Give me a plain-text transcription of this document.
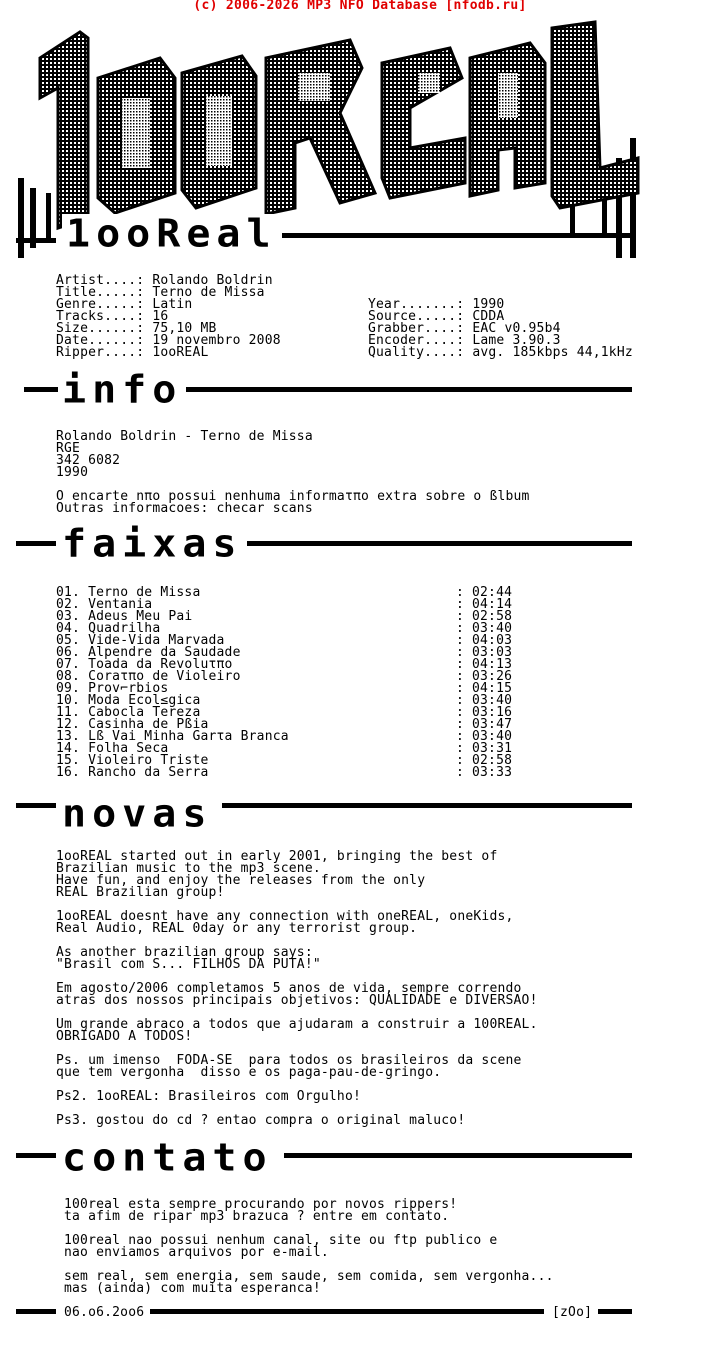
(c) 2006-2026 MP3 NFO Database [nfodb.ru]
1ooReal
Artist....: Rolando Boldrin
Title.....: Terno de Missa
Genre.....: Latin
Tracks....: 16
Size......: 75,10 MB
Date......: 19 novembro 2008
Ripper....: 1ooREAL
Year.......: 1990
Source.....: CDDA
Grabber....: EAC v0.95b4
Encoder....: Lame 3.90.3
Quality....: avg. 185kbps 44,1kHz
info
Rolando Boldrin - Terno de Missa
RGE
342 6082
1990
O encarte nπo possui nenhuma informaτπo extra sobre o ßlbum
Outras informacoes: checar scans
faixas
01. Terno de Missa	: 02:44
02. Ventania	: 04:14
03. Adeus Meu Pai	: 02:58
04. Quadrilha	: 03:40
05. Vide-Vida Marvada	: 04:03
06. Alpendre da Saudade	: 03:03
07. Toada da Revoluτπo	: 04:13
08. Coraτπo de Violeiro	: 03:26
09. Prov⌐rbios	: 04:15
10. Moda Ecol≤gica	: 03:40
11. Cabocla Tereza	: 03:16
12. Casinha de Pßia	: 03:47
13. Lß Vai Minha Garτa Branca	: 03:40
14. Folha Seca	: 03:31
15. Violeiro Triste	: 02:58
16. Rancho da Serra	: 03:33
novas
1ooREAL started out in early 2001, bringing the best of
Brazilian music to the mp3 scene.
Have fun, and enjoy the releases from the only
REAL Brazilian group!
1ooREAL doesnt have any connection with oneREAL, oneKids,
Real Audio, REAL 0day or any terrorist group.
As another brazilian group says:
"Brasil com S... FILHOS DA PUTA!"
Em agosto/2006 completamos 5 anos de vida, sempre correndo
atras dos nossos principais objetivos: QUALIDADE e DIVERSAO!
Um grande abraco a todos que ajudaram a construir a 100REAL.
OBRIGADO A TODOS!
Ps. um imenso  FODA-SE  para todos os brasileiros da scene
que tem vergonha  disso e os paga-pau-de-gringo.
Ps2. 1ooREAL: Brasileiros com Orgulho!
Ps3. gostou do cd ? entao compra o original maluco!
contato
100real esta sempre procurando por novos rippers!
ta afim de ripar mp3 brazuca ? entre em contato.
100real nao possui nenhum canal, site ou ftp publico e
nao enviamos arquivos por e-mail.
sem real, sem energia, sem saude, sem comida, sem vergonha...
mas (ainda) com muita esperanca!
06.o6.2oo6	[zOo]
